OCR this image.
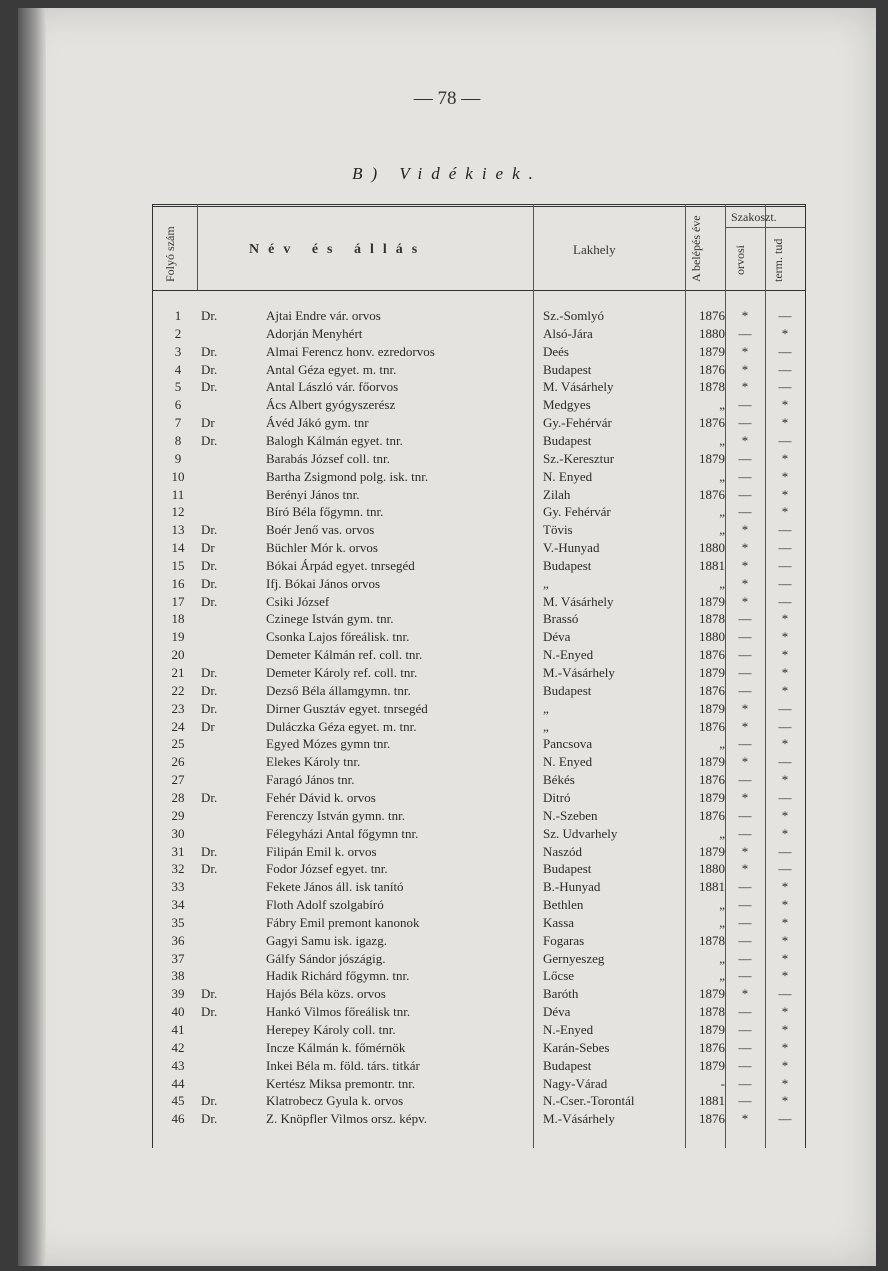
— 78 —
B) Vidékiek.
Folyó szám	Név és állás	Lakhely	A belépés éve	Szakoszt.
orvosi	term. tud
1	Dr.	Ajtai Endre vár. orvos	Sz.-Somlyó	1876	*	—
2	Adorján Menyhért	Alsó-Jára	1880	—	*
3	Dr.	Almai Ferencz honv. ezredorvos	Deés	1879	*	—
4	Dr.	Antal Géza egyet. m. tnr.	Budapest	1876	*	—
5	Dr.	Antal László vár. főorvos	M. Vásárhely	1878	*	—
6	Ács Albert gyógyszerész	Medgyes	„	—	*
7	Dr	Ávéd Jákó gym. tnr	Gy.-Fehérvár	1876	—	*
8	Dr.	Balogh Kálmán egyet. tnr.	Budapest	„	*	—
9	Barabás József coll. tnr.	Sz.-Keresztur	1879	—	*
10	Bartha Zsigmond polg. isk. tnr.	N. Enyed	„	—	*
11	Berényi János tnr.	Zilah	1876	—	*
12	Bíró Béla főgymn. tnr.	Gy. Fehérvár	„	—	*
13	Dr.	Boér Jenő vas. orvos	Tövis	„	*	—
14	Dr	Büchler Mór k. orvos	V.-Hunyad	1880	*	—
15	Dr.	Bókai Árpád egyet. tnrsegéd	Budapest	1881	*	—
16	Dr.	Ifj. Bókai János orvos	„	„	*	—
17	Dr.	Csiki József	M. Vásárhely	1879	*	—
18	Czinege István gym. tnr.	Brassó	1878	—	*
19	Csonka Lajos főreálisk. tnr.	Déva	1880	—	*
20	Demeter Kálmán ref. coll. tnr.	N.-Enyed	1876	—	*
21	Dr.	Demeter Károly ref. coll. tnr.	M.-Vásárhely	1879	—	*
22	Dr.	Dezső Béla államgymn. tnr.	Budapest	1876	—	*
23	Dr.	Dirner Gusztáv egyet. tnrsegéd	„	1879	*	—
24	Dr	Duláczka Géza egyet. m. tnr.	„	1876	*	—
25	Egyed Mózes gymn tnr.	Pancsova	„	—	*
26	Elekes Károly tnr.	N. Enyed	1879	*	—
27	Faragó János tnr.	Békés	1876	—	*
28	Dr.	Fehér Dávid k. orvos	Ditró	1879	*	—
29	Ferenczy István gymn. tnr.	N.-Szeben	1876	—	*
30	Félegyházi Antal főgymn tnr.	Sz. Udvarhely	„	—	*
31	Dr.	Filipán Emil k. orvos	Naszód	1879	*	—
32	Dr.	Fodor József egyet. tnr.	Budapest	1880	*	—
33	Fekete János áll. isk tanító	B.-Hunyad	1881	—	*
34	Floth Adolf szolgabíró	Bethlen	„	—	*
35	Fábry Emil premont kanonok	Kassa	„	—	*
36	Gagyi Samu isk. igazg.	Fogaras	1878	—	*
37	Gálfy Sándor jószágig.	Gernyeszeg	„	—	*
38	Hadik Richárd főgymn. tnr.	Lőcse	„	—	*
39	Dr.	Hajós Béla közs. orvos	Baróth	1879	*	—
40	Dr.	Hankó Vilmos főreálisk tnr.	Déva	1878	—	*
41	Herepey Károly coll. tnr.	N.-Enyed	1879	—	*
42	Incze Kálmán k. főmérnök	Karán-Sebes	1876	—	*
43	Inkei Béla m. föld. társ. titkár	Budapest	1879	—	*
44	Kertész Miksa premontr. tnr.	Nagy-Várad	-	—	*
45	Dr.	Klatrobecz Gyula k. orvos	N.-Cser.-Torontál	1881	—	*
46	Dr.	Z. Knöpfler Vilmos orsz. képv.	M.-Vásárhely	1876	*	—
